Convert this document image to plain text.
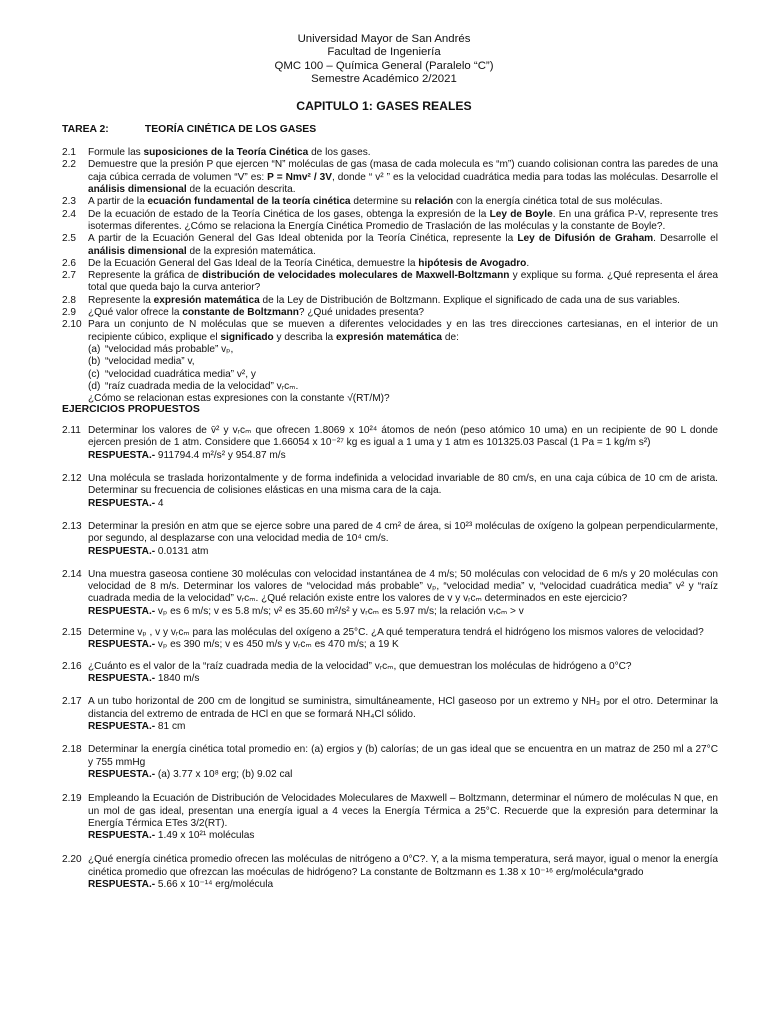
Universidad Mayor de San Andrés
Facultad de Ingeniería
QMC 100 – Química General (Paralelo “C”)
Semestre Académico 2/2021
CAPITULO 1: GASES REALES
TAREA 2:	TEORÍA CINÉTICA DE LOS GASES
2.1 Formule las suposiciones de la Teoría Cinética de los gases.

2.2 Demuestre que la presión P que ejercen “N” moléculas de gas (masa de cada molecula es “m”) cuando colisionan contra las paredes de una caja cúbica cerrada de volumen “V” es: P = Nmv² / 3V, donde “ v² ” es la velocidad cuadrática media para todas las moléculas. Desarrolle el análisis dimensional de la ecuación descrita.

2.3 A partir de la ecuación fundamental de la teoría cinética determine su relación con la energía cinética total de sus moléculas.

2.4 De la ecuación de estado de la Teoría Cinética de los gases, obtenga la expresión de la Ley de Boyle. En una gráfica P-V, represente tres isotermas diferentes. ¿Cómo se relaciona la Energía Cinética Promedio de Traslación de las moléculas y la constante de Boyle?.

2.5 A partir de la Ecuación General del Gas Ideal obtenida por la Teoría Cinética, represente la Ley de Difusión de Graham. Desarrolle el análisis dimensional de la expresión matemática.

2.6 De la Ecuación General del Gas Ideal de la Teoría Cinética, demuestre la hipótesis de Avogadro.

2.7 Represente la gráfica de distribución de velocidades moleculares de Maxwell-Boltzmann y explique su forma. ¿Qué representa el área total que queda bajo la curva anterior?

2.8 Represente la expresión matemática de la Ley de Distribución de Boltzmann. Explique el significado de cada una de sus variables.

2.9 ¿Qué valor ofrece la constante de Boltzmann? ¿Qué unidades presenta?

2.10 Para un conjunto de N moléculas que se mueven a diferentes velocidades y en las tres direcciones cartesianas, en el interior de un recipiente cúbico, explique el significado y describa la expresión matemática de:

(a) “velocidad más probable” vₚ,
(b) “velocidad media” v,
(c) “velocidad cuadrática media” v², y
(d) “raíz cuadrada media de la velocidad” vᵣcₘ.
¿Cómo se relacionan estas expresiones con la constante √(RT/M)?
EJERCICIOS PROPUESTOS
2.11 Determinar los valores de v̄² y vᵣcₘ que ofrecen 1.8069 x 10²⁴ átomos de neón (peso atómico 10 uma) en un recipiente de 90 L donde ejercen presión de 1 atm. Considere que 1.66054 x 10⁻²⁷ kg es igual a 1 uma y 1 atm es 101325.03 Pascal (1 Pa = 1 kg/m s²)

RESPUESTA.- 911794.4 m²/s² y 954.87 m/s
2.12 Una molécula se traslada horizontalmente y de forma indefinida a velocidad invariable de 80 cm/s, en una caja cúbica de 10 cm de arista. Determinar su frecuencia de colisiones elásticas en una misma cara de la caja.

RESPUESTA.- 4
2.13 Determinar la presión en atm que se ejerce sobre una pared de 4 cm² de área, si 10²³ moléculas de oxígeno la golpean perpendicularmente, por segundo, al desplazarse con una velocidad media de 10⁴ cm/s.

RESPUESTA.- 0.0131 atm
2.14 Una muestra gaseosa contiene 30 moléculas con velocidad instantánea de 4 m/s; 50 moléculas con velocidad de 6 m/s y 20 moléculas con velocidad de 8 m/s. Determinar los valores de “velocidad más probable” vₚ, “velocidad media” v, “velocidad cuadrática media” v² y “raíz cuadrada media de la velocidad” vᵣcₘ. ¿Qué relación existe entre los valores de v y vᵣcₘ determinados en este ejercicio?

RESPUESTA.- vₚ es 6 m/s; v es 5.8 m/s; v² es 35.60 m²/s² y vᵣcₘ es 5.97 m/s; la relación vᵣcₘ > v
2.15 Determine vₚ , v y vᵣcₘ para las moléculas del oxígeno a 25°C. ¿A qué temperatura tendrá el hidrógeno los mismos valores de velocidad?

RESPUESTA.- vₚ es 390 m/s; v es 450 m/s y vᵣcₘ es 470 m/s; a 19 K
2.16 ¿Cuánto es el valor de la “raíz cuadrada media de la velocidad” vᵣcₘ, que demuestran los moléculas de hidrógeno a 0°C?

RESPUESTA.- 1840 m/s
2.17 A un tubo horizontal de 200 cm de longitud se suministra, simultáneamente, HCl gaseoso por un extremo y NH₃ por el otro. Determinar la distancia del extremo de entrada de HCl en que se formará NH₄Cl sólido.

RESPUESTA.- 81 cm
2.18 Determinar la energía cinética total promedio en: (a) ergios y (b) calorías; de un gas ideal que se encuentra en un matraz de 250 ml a 27°C y 755 mmHg

RESPUESTA.- (a) 3.77 x 10⁸ erg; (b) 9.02 cal
2.19 Empleando la Ecuación de Distribución de Velocidades Moleculares de Maxwell – Boltzmann, determinar el número de moléculas N que, en un mol de gas ideal, presentan una energía igual a 4 veces la Energía Térmica a 25°C. Recuerde que la expresión para determinar la Energía Térmica ETes 3/2(RT).

RESPUESTA.- 1.49 x 10²¹ moléculas
2.20 ¿Qué energía cinética promedio ofrecen las moléculas de nitrógeno a 0°C?. Y, a la misma temperatura, será mayor, igual o menor la energía cinética promedio que ofrezcan las moéculas de hidrógeno? La constante de Boltzmann es 1.38 x 10⁻¹⁶ erg/molécula*grado

RESPUESTA.- 5.66 x 10⁻¹⁴ erg/molécula
